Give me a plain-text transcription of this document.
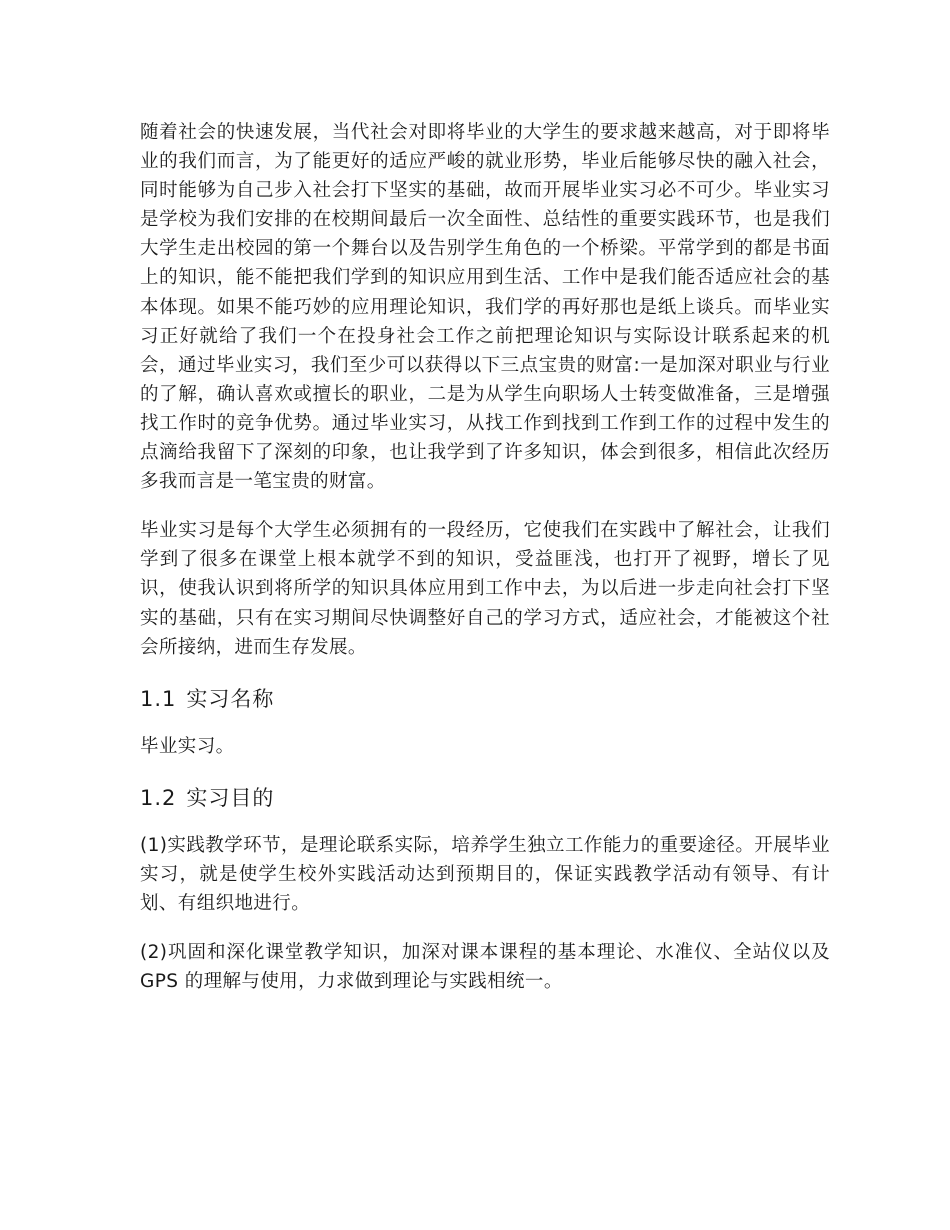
随着社会的快速发展，当代社会对即将毕业的大学生的要求越来越高，对于即将毕业的我们而言，为了能更好的适应严峻的就业形势，毕业后能够尽快的融入社会，同时能够为自己步入社会打下坚实的基础，故而开展毕业实习必不可少。毕业实习是学校为我们安排的在校期间最后一次全面性、总结性的重要实践环节，也是我们大学生走出校园的第一个舞台以及告别学生角色的一个桥梁。平常学到的都是书面上的知识，能不能把我们学到的知识应用到生活、工作中是我们能否适应社会的基本体现。如果不能巧妙的应用理论知识，我们学的再好那也是纸上谈兵。而毕业实习正好就给了我们一个在投身社会工作之前把理论知识与实际设计联系起来的机会，通过毕业实习，我们至少可以获得以下三点宝贵的财富:一是加深对职业与行业的了解，确认喜欢或擅长的职业，二是为从学生向职场人士转变做准备，三是增强找工作时的竞争优势。通过毕业实习，从找工作到找到工作到工作的过程中发生的点滴给我留下了深刻的印象，也让我学到了许多知识，体会到很多，相信此次经历多我而言是一笔宝贵的财富。

毕业实习是每个大学生必须拥有的一段经历，它使我们在实践中了解社会，让我们学到了很多在课堂上根本就学不到的知识，受益匪浅，也打开了视野，增长了见识，使我认识到将所学的知识具体应用到工作中去，为以后进一步走向社会打下坚实的基础，只有在实习期间尽快调整好自己的学习方式，适应社会，才能被这个社会所接纳，进而生存发展。

1.1 实习名称

毕业实习。

1.2 实习目的

(1)实践教学环节，是理论联系实际，培养学生独立工作能力的重要途径。开展毕业实习，就是使学生校外实践活动达到预期目的，保证实践教学活动有领导、有计划、有组织地进行。

(2)巩固和深化课堂教学知识，加深对课本课程的基本理论、水准仪、全站仪以及 GPS 的理解与使用，力求做到理论与实践相统一。
